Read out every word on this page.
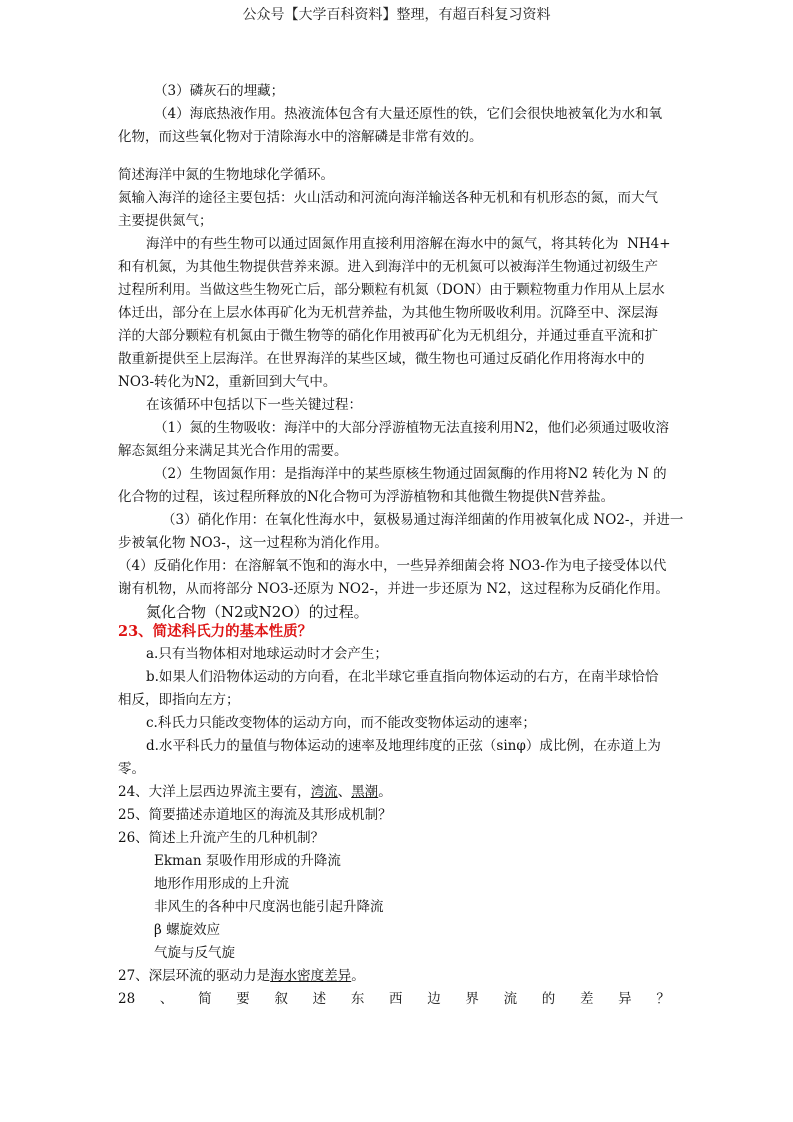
公众号【大学百科资料】整理，有超百科复习资料
（3）磷灰石的埋藏；
（4）海底热液作用。热液流体包含有大量还原性的铁，它们会很快地被氧化为水和氧
化物，而这些氧化物对于清除海水中的溶解磷是非常有效的。
简述海洋中氮的生物地球化学循环。
氮输入海洋的途径主要包括：火山活动和河流向海洋输送各种无机和有机形态的氮，而大气
主要提供氮气；
海洋中的有些生物可以通过固氮作用直接利用溶解在海水中的氮气，将其转化为 NH4+
和有机氮，为其他生物提供营养来源。进入到海洋中的无机氮可以被海洋生物通过初级生产
过程所利用。当做这些生物死亡后，部分颗粒有机氮（DON）由于颗粒物重力作用从上层水
体迁出，部分在上层水体再矿化为无机营养盐，为其他生物所吸收利用。沉降至中、深层海
洋的大部分颗粒有机氮由于微生物等的硝化作用被再矿化为无机组分，并通过垂直平流和扩
散重新提供至上层海洋。在世界海洋的某些区域，微生物也可通过反硝化作用将海水中的
NO3-转化为N2，重新回到大气中。
在该循环中包括以下一些关键过程：
（1）氮的生物吸收：海洋中的大部分浮游植物无法直接利用N2，他们必须通过吸收溶
解态氮组分来满足其光合作用的需要。
（2）生物固氮作用：是指海洋中的某些原核生物通过固氮酶的作用将N2 转化为 N 的
化合物的过程，该过程所释放的N化合物可为浮游植物和其他微生物提供N营养盐。
（3）硝化作用：在氧化性海水中，氨极易通过海洋细菌的作用被氧化成 NO2-，并进一
步被氧化物 NO3-，这一过程称为消化作用。
（4）反硝化作用：在溶解氧不饱和的海水中，一些异养细菌会将 NO3-作为电子接受体以代
谢有机物，从而将部分 NO3-还原为 NO2-，并进一步还原为 N2，这过程称为反硝化作用。
氮化合物（N2或N2O）的过程。
23、简述科氏力的基本性质？
a.只有当物体相对地球运动时才会产生；
b.如果人们沿物体运动的方向看，在北半球它垂直指向物体运动的右方，在南半球恰恰
相反，即指向左方；
c.科氏力只能改变物体的运动方向，而不能改变物体运动的速率；
d.水平科氏力的量值与物体运动的速率及地理纬度的正弦（sinφ）成比例，在赤道上为
零。
24、大洋上层西边界流主要有，湾流、黑潮。
25、简要描述赤道地区的海流及其形成机制？
26、简述上升流产生的几种机制？
Ekman 泵吸作用形成的升降流
地形作用形成的上升流
非风生的各种中尺度涡也能引起升降流
β 螺旋效应
气旋与反气旋
27、深层环流的驱动力是海水密度差异。
28 、 简 要 叙 述 东 西 边 界 流 的 差 异 ？
